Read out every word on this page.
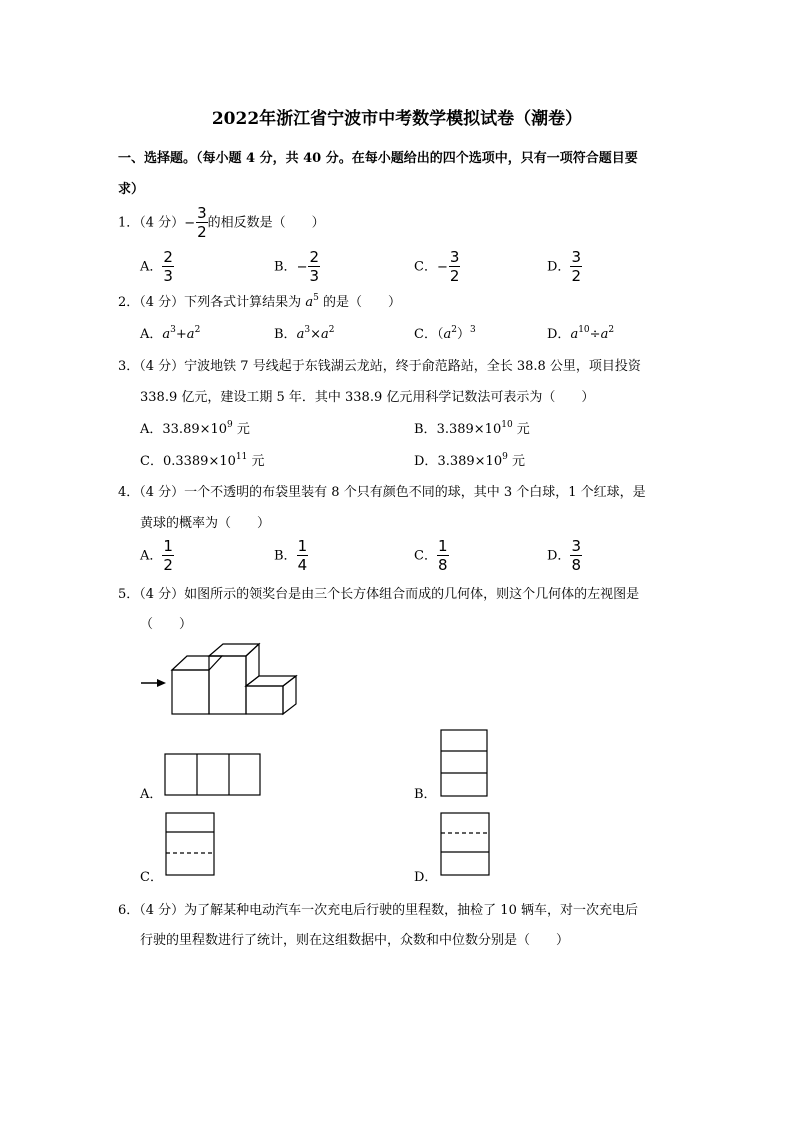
2022年浙江省宁波市中考数学模拟试卷（潮卷）
一、选择题。（每小题 4 分，共 40 分。在每小题给出的四个选项中，只有一项符合题目要
求）
1．（4 分）− $\frac{3}{2}$ 的相反数是（　　）
A． $\frac{2}{3}$	B．− $\frac{2}{3}$	C．− $\frac{3}{2}$	D． $\frac{3}{2}$
2．（4 分）下列各式计算结果为 $a^5$ 的是（　　）
A．$a^3+a^2$	B．$a^3\times a^2$	C．$(a^2)^3$	D．$a^{10}\div a^2$
3．（4 分）宁波地铁 7 号线起于东钱湖云龙站，终于俞范路站，全长 38.8 公里，项目投资
338.9 亿元，建设工期 5 年．其中 338.9 亿元用科学记数法可表示为（　　）
A．$33.89\times 10^9$ 元	B．$3.389\times 10^{10}$ 元
C．$0.3389\times 10^{11}$ 元	D．$3.389\times 10^9$ 元
4．（4 分）一个不透明的布袋里装有 8 个只有颜色不同的球，其中 3 个白球，1 个红球，是
黄球的概率为（　　）
A． $\frac{1}{2}$	B． $\frac{1}{4}$	C． $\frac{1}{8}$	D． $\frac{3}{8}$
5．（4 分）如图所示的领奖台是由三个长方体组合而成的几何体，则这个几何体的左视图是
（　　）
A．	B．
C．	D．
6．（4 分）为了解某种电动汽车一次充电后行驶的里程数，抽检了 10 辆车，对一次充电后
行驶的里程数进行了统计，则在这组数据中，众数和中位数分别是（　　）
